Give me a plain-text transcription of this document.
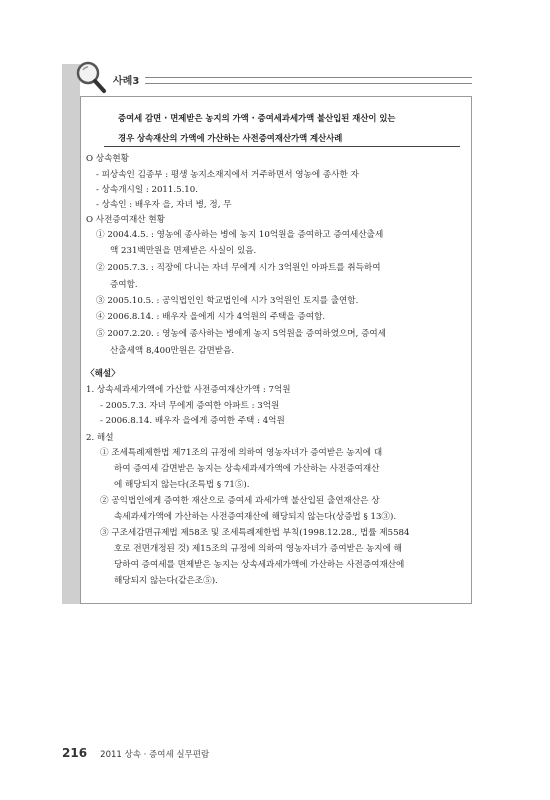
사례3
증여세 감면 · 면제받은 농지의 가액 · 증여세과세가액 불산입된 재산이 있는
경우 상속재산의 가액에 가산하는 사전증여재산가액 계산사례
O 상속현황
- 피상속인 김종부 : 평생 농지소재지에서 거주하면서 영농에 종사한 자
- 상속개시일 : 2011.5.10.
- 상속인 : 배우자 을, 자녀 병, 정, 무
O 사전증여재산 현황
① 2004.4.5. : 영농에 종사하는 병에 농지 10억원을 증여하고 증여세산출세
액 231백만원을 면제받은 사실이 있음.
② 2005.7.3. : 직장에 다니는 자녀 무에게 시가 3억원인 아파트를 취득하여
증여함.
③ 2005.10.5. : 공익법인인 학교법인에 시가 3억원인 토지를 출연함.
④ 2006.8.14. : 배우자 을에게 시가 4억원의 주택을 증여함.
⑤ 2007.2.20. : 영농에 종사하는 병에게 농지 5억원을 증여하였으며, 증여세
산출세액 8,400만원은 감면받음.
〈해설〉
1. 상속세과세가액에 가산할 사전증여재산가액 : 7억원
- 2005.7.3. 자녀 무에게 증여한 아파트 : 3억원
- 2006.8.14. 배우자 을에게 증여한 주택 : 4억원
2. 해설
① 조세특례제한법 제71조의 규정에 의하여 영농자녀가 증여받은 농지에 대
하여 증여세 감면받은 농지는 상속세과세가액에 가산하는 사전증여재산
에 해당되지 않는다(조특법 § 71⑤).
② 공익법인에게 증여한 재산으로 증여세 과세가액 불산입된 출연재산은 상
속세과세가액에 가산하는 사전증여재산에 해당되지 않는다(상증법 § 13③).
③ 구조세감면규제법 제58조 및 조세특례제한법 부칙(1998.12.28., 법률 제5584
호로 전면개정된 것) 제15조의 규정에 의하여 영농자녀가 증여받은 농지에 해
당하여 증여세를 면제받은 농지는 상속세과세가액에 가산하는 사전증여재산에
해당되지 않는다(같은조⑤).
216 2011 상속 · 증여세 실무편람
